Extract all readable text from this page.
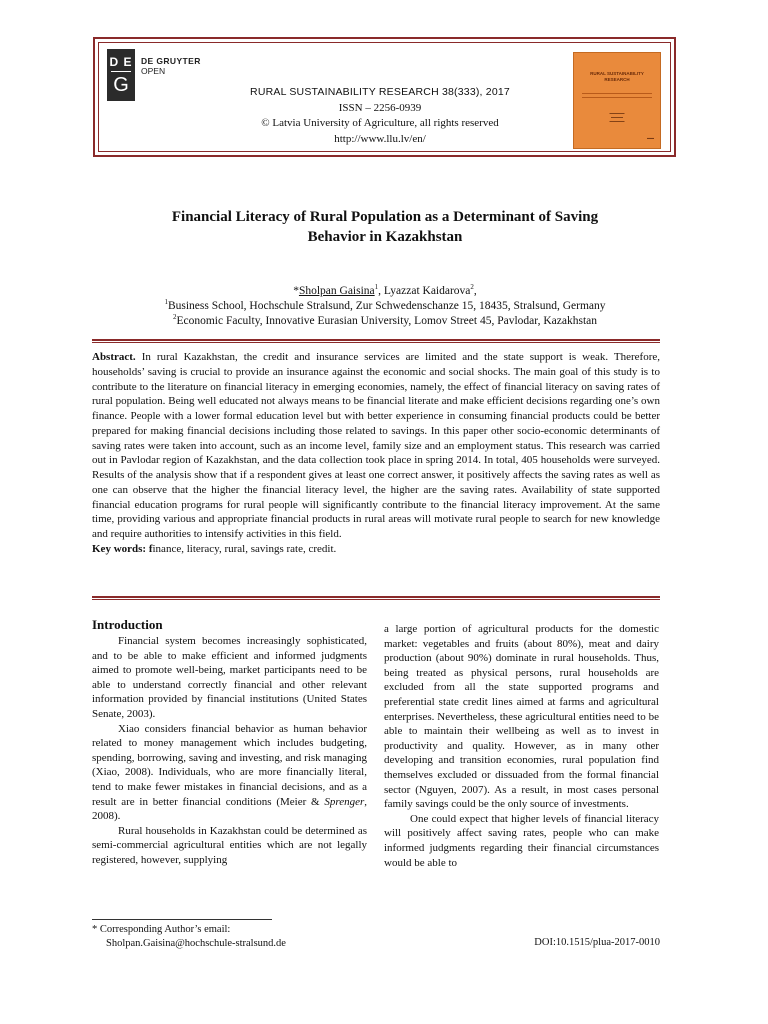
D E
G
DE GRUYTER
OPEN
RURAL SUSTAINABILITY RESEARCH 38(333), 2017
ISSN – 2256-0939
© Latvia University of Agriculture, all rights reserved
http://www.llu.lv/en/
RURAL SUSTAINABILITY RESEARCH
▬▬▬▬▬
▬▬▬▬
▬▬▬▬▬
▬▬
Financial Literacy of Rural Population as a Determinant of Saving
Behavior in Kazakhstan
*Sholpan Gaisina$^1$, Lyazzat Kaidarova$^2$,
$^1$Business School, Hochschule Stralsund, Zur Schwedenschanze 15, 18435, Stralsund, Germany
$^2$Economic Faculty, Innovative Eurasian University, Lomov Street 45, Pavlodar, Kazakhstan
Abstract. In rural Kazakhstan, the credit and insurance services are limited and the state support is weak. Therefore, households’ saving is crucial to provide an insurance against the economic and social shocks. The main goal of this study is to contribute to the literature on financial literacy in emerging economies, namely, the effect of financial literacy on saving rates of rural population. Being well educated not always means to be financial literate and make efficient decisions regarding one’s own finance. People with a lower formal education level but with better experience in consuming financial products could be better prepared for making financial decisions including those related to savings. In this paper other socio-economic determinants of saving rates were taken into account, such as an income level, family size and an employment status. This research was carried out in Pavlodar region of Kazakhstan, and the data collection took place in spring 2014. In total, 405 households were surveyed. Results of the analysis show that if a respondent gives at least one correct answer, it positively affects the saving rates as well as one can observe that the higher the financial literacy level, the higher are the saving rates. Availability of state supported financial education programs for rural people will significantly contribute to the financial literacy improvement. At the same time, providing various and appropriate financial products in rural areas will motivate rural people to search for new knowledge and require authorities to intensify activities in this field.
Key words: finance, literacy, rural, savings rate, credit.
Introduction

Financial system becomes increasingly sophisticated, and to be able to make efficient and informed judgments aimed to promote well-being, market participants need to be able to understand correctly financial and other relevant information provided by financial institutions (United States Senate, 2003).

Xiao considers financial behavior as human behavior related to money management which includes budgeting, spending, borrowing, saving and investing, and risk managing (Xiao, 2008). Individuals, who are more financially literal, tend to make fewer mistakes in financial decisions, and as a result are in better financial conditions (Meier & Sprenger, 2008).

Rural households in Kazakhstan could be determined as semi-commercial agricultural entities which are not legally registered, however, supplying

a large portion of agricultural products for the domestic market: vegetables and fruits (about 80%), meat and dairy production (about 90%) dominate in rural households. Thus, being treated as physical persons, rural households are excluded from all the state supported programs and preferential state credit lines aimed at farms and agricultural enterprises. Nevertheless, these agricultural entities need to be able to maintain their wellbeing as well as to invest in productivity and quality. However, as in many other developing and transition economies, rural population find themselves excluded or dissuaded from the formal financial sector (Nguyen, 2007). As a result, in most cases personal family savings could be the only source of investments.

One could expect that higher levels of financial literacy will positively affect saving rates, people who can make informed judgments regarding their financial circumstances would be able to

* Corresponding Author’s email:
Sholpan.Gaisina@hochschule-stralsund.de	DOI:10.1515/plua-2017-0010
